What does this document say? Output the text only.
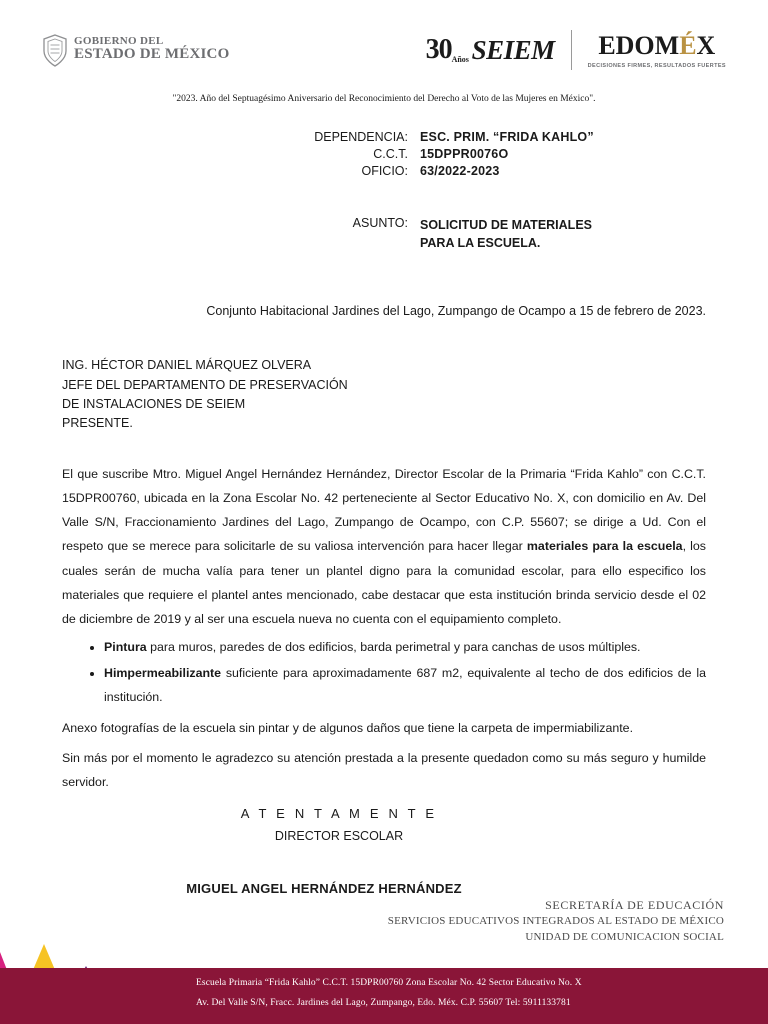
GOBIERNO DEL
ESTADO DE MÉXICO	30 Años SEIEM	EDOMÉX
DECISIONES FIRMES, RESULTADOS FUERTES
"2023. Año del Septuagésimo Aniversario del Reconocimiento del Derecho al Voto de las Mujeres en México".
DEPENDENCIA: ESC. PRIM. “FRIDA KAHLO”
C.C.T. 15DPPR0076O
OFICIO: 63/2022-2023
ASUNTO: SOLICITUD DE MATERIALES
PARA LA ESCUELA.
Conjunto Habitacional Jardines del Lago, Zumpango de Ocampo a 15 de febrero de 2023.
ING. HÉCTOR DANIEL MÁRQUEZ OLVERA
JEFE DEL DEPARTAMENTO DE PRESERVACIÓN
DE INSTALACIONES DE SEIEM
PRESENTE.
El que suscribe Mtro. Miguel Angel Hernández Hernández, Director Escolar de la Primaria “Frida Kahlo” con C.C.T. 15DPR00760, ubicada en la Zona Escolar No. 42 perteneciente al Sector Educativo No. X, con domicilio en Av. Del Valle S/N, Fraccionamiento Jardines del Lago, Zumpango de Ocampo, con C.P. 55607; se dirige a Ud. Con el respeto que se merece para solicitarle de su valiosa intervención para hacer llegar materiales para la escuela, los cuales serán de mucha valía para tener un plantel digno para la comunidad escolar, para ello especifico los materiales que requiere el plantel antes mencionado, cabe destacar que esta institución brinda servicio desde el 02 de diciembre de 2019 y al ser una escuela nueva no cuenta con el equipamiento completo.
• Pintura para muros, paredes de dos edificios, barda perimetral y para canchas de usos múltiples.
• Himpermeabilizante suficiente para aproximadamente 687 m2, equivalente al techo de dos edificios de la institución.
Anexo fotografías de la escuela sin pintar y de algunos daños que tiene la carpeta de impermiabilizante.
Sin más por el momento le agradezco su atención prestada a la presente quedadon como su más seguro y humilde servidor.
A T E N T A M E N T E
DIRECTOR ESCOLAR
MIGUEL ANGEL HERNÁNDEZ HERNÁNDEZ
SECRETARÍA DE EDUCACIÓN
SERVICIOS EDUCATIVOS INTEGRADOS AL ESTADO DE MÉXICO
UNIDAD DE COMUNICACION SOCIAL
Escuela Primaria “Frida Kahlo” C.C.T. 15DPR00760 Zona Escolar No. 42 Sector Educativo No. X
Av. Del Valle S/N, Fracc. Jardines del Lago, Zumpango, Edo. Méx. C.P. 55607 Tel: 5911133781
